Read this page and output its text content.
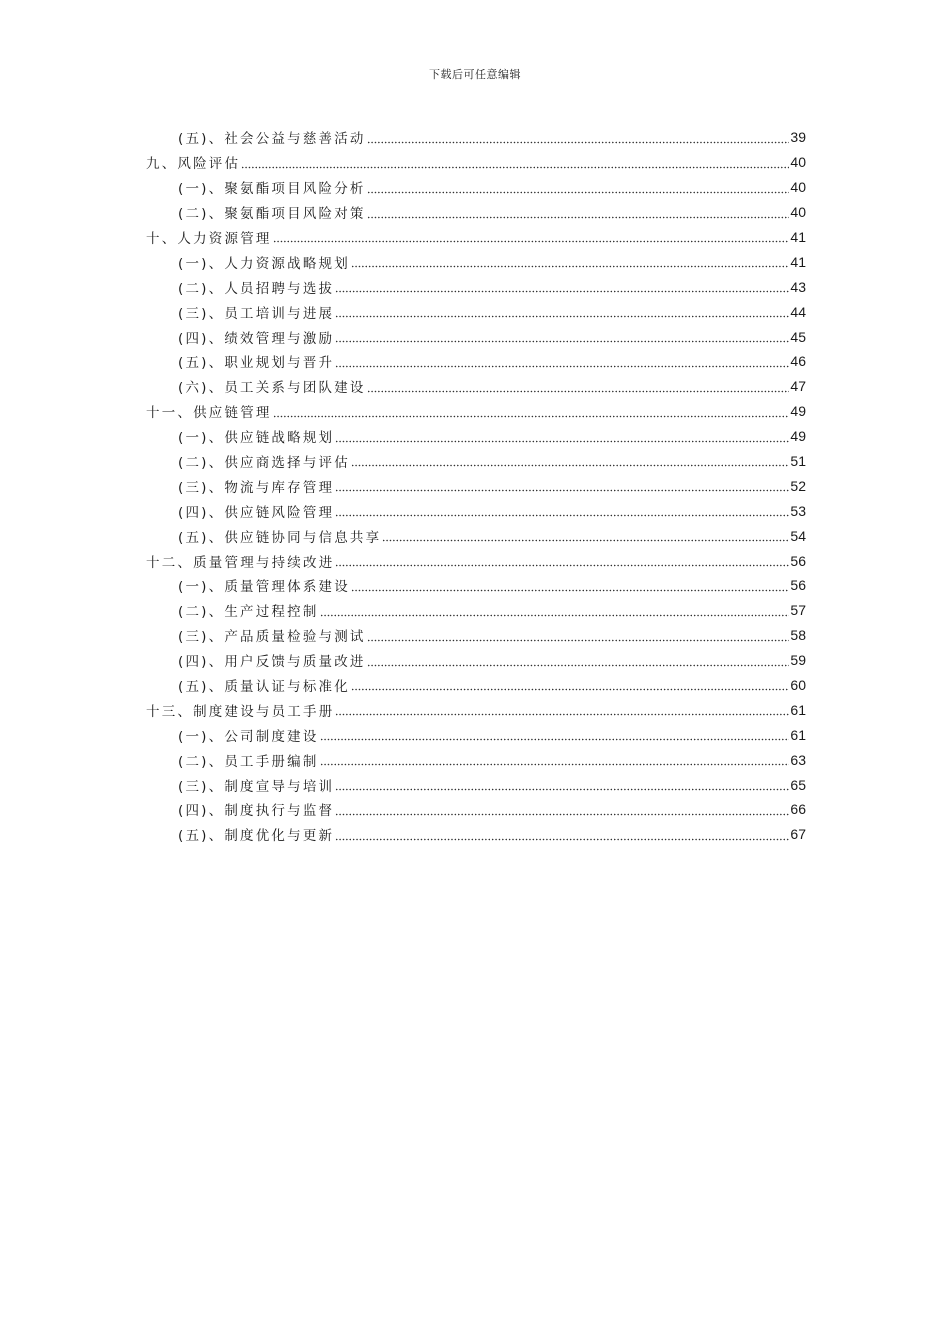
下载后可任意编辑
(五)、社会公益与慈善活动	39
九、风险评估	40
(一)、聚氨酯项目风险分析	40
(二)、聚氨酯项目风险对策	40
十、人力资源管理	41
(一)、人力资源战略规划	41
(二)、人员招聘与选拔	43
(三)、员工培训与进展	44
(四)、绩效管理与激励	45
(五)、职业规划与晋升	46
(六)、员工关系与团队建设	47
十一、供应链管理	49
(一)、供应链战略规划	49
(二)、供应商选择与评估	51
(三)、物流与库存管理	52
(四)、供应链风险管理	53
(五)、供应链协同与信息共享	54
十二、质量管理与持续改进	56
(一)、质量管理体系建设	56
(二)、生产过程控制	57
(三)、产品质量检验与测试	58
(四)、用户反馈与质量改进	59
(五)、质量认证与标准化	60
十三、制度建设与员工手册	61
(一)、公司制度建设	61
(二)、员工手册编制	63
(三)、制度宣导与培训	65
(四)、制度执行与监督	66
(五)、制度优化与更新	67
